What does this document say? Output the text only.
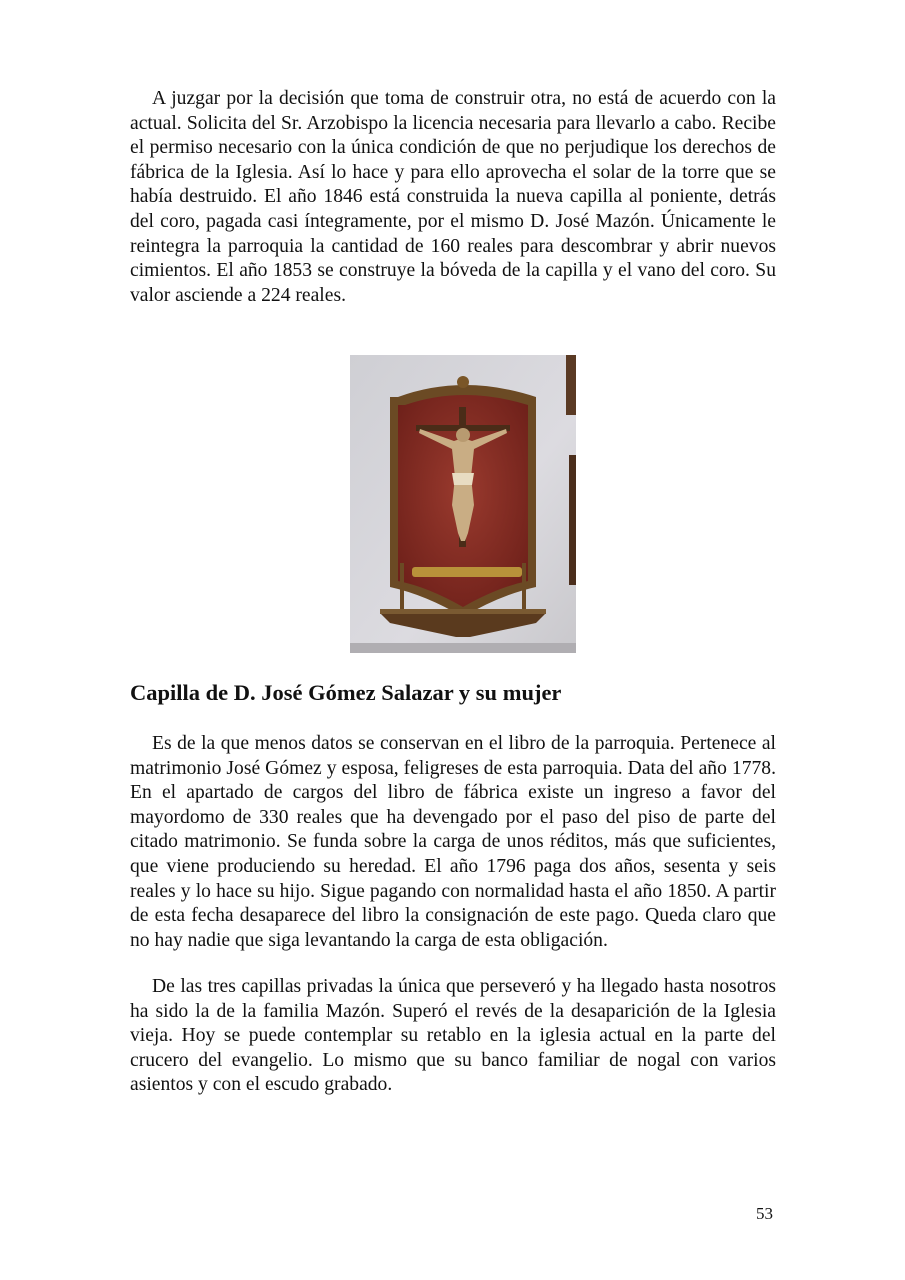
A juzgar por la decisión que toma de construir otra, no está de acuerdo con la actual. Solicita del Sr. Arzobispo la licencia necesaria para llevarlo a cabo. Recibe el permiso necesario con la única condición de que no perjudique los derechos de fábrica de la Iglesia. Así lo hace y para ello aprovecha el solar de la torre que se había destruido. El año 1846 está construida la nueva capilla al poniente, detrás del coro, pagada casi íntegramente, por el mismo D. José Mazón. Únicamente le reintegra la parroquia la cantidad de 160 reales para descombrar y abrir nuevos cimientos. El año 1853 se construye la bóveda de la capilla y el vano del coro. Su valor asciende a 224 reales.

Capilla de D. José Gómez Salazar y su mujer

Es de la que menos datos se conservan en el libro de la parroquia. Pertenece al matrimonio José Gómez y esposa, feligreses de esta parroquia. Data del año 1778. En el apartado de cargos del libro de fábrica existe un ingreso a favor del mayordomo de 330 reales que ha devengado por el paso del piso de parte del citado matrimonio. Se funda sobre la carga de unos réditos, más que suficientes, que viene produciendo su heredad. El año 1796 paga dos años, sesenta y seis reales y lo hace su hijo. Sigue pagando con normalidad hasta el año 1850. A partir de esta fecha desaparece del libro la consignación de este pago. Queda claro que no hay nadie que siga levantando la carga de esta obligación.

De las tres capillas privadas la única que perseveró y ha llegado hasta nosotros ha sido la de la familia Mazón. Superó el revés de la desaparición de la Iglesia vieja. Hoy se puede contemplar su retablo en la iglesia actual en la parte del crucero del evangelio. Lo mismo que su banco familiar de nogal con varios asientos y con el escudo grabado.

53
